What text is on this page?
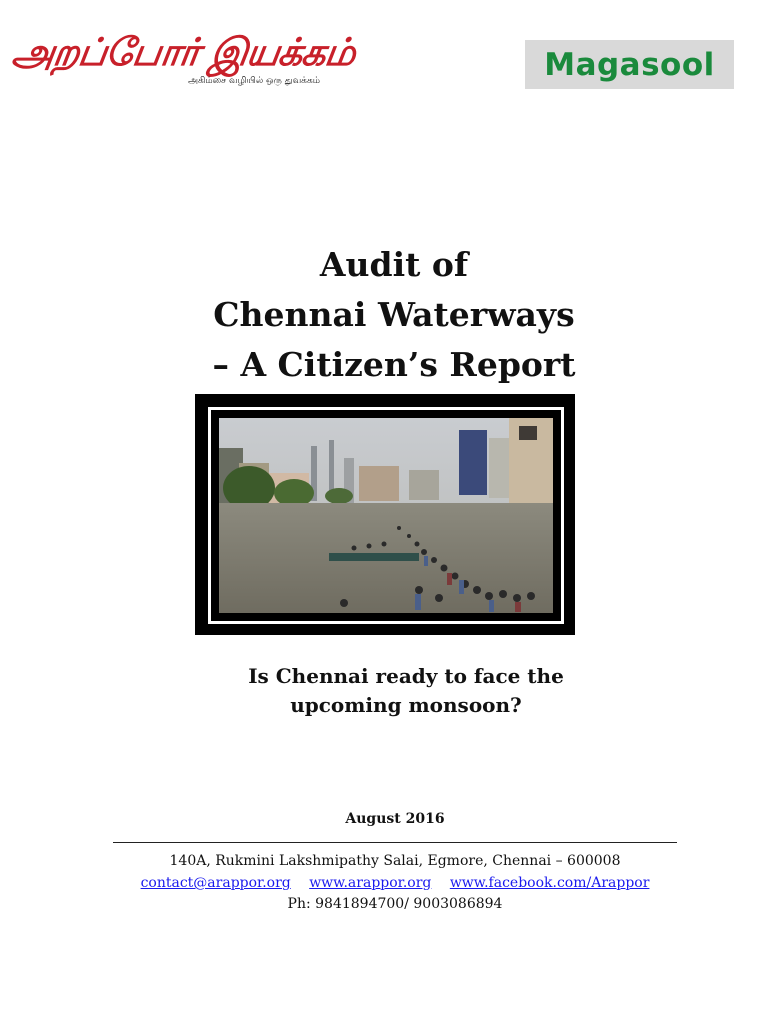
அறப்போர் இயக்கம்
அகிம்சை வழியில் ஒரு துவக்கம்	Magasool
Audit of
Chennai Waterways
– A Citizen’s Report
Is Chennai ready to face the
upcoming monsoon?
August 2016
140A, Rukmini Lakshmipathy Salai, Egmore, Chennai – 600008
contact@arappor.org www.arappor.org www.facebook.com/Arappor
Ph: 9841894700/ 9003086894
